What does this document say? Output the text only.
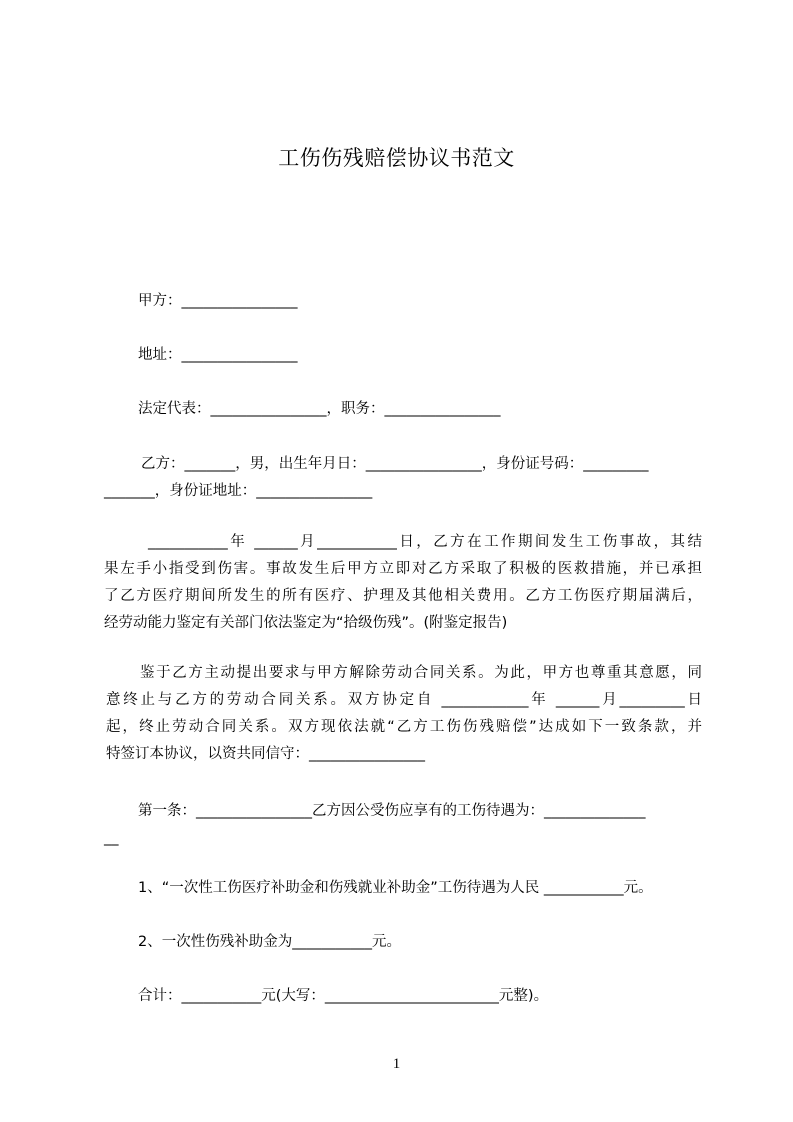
工伤伤残赔偿协议书范文
甲方：________________
地址：________________
法定代表：________________，职务：________________
乙方：_______，男，出生年月日：________________，身份证号码：_________
_______，身份证地址：________________
___________年 ______月___________日，乙方在工作期间发生工伤事故，其结
果左手小指受到伤害。事故发生后甲方立即对乙方采取了积极的医救措施，并已承担
了乙方医疗期间所发生的所有医疗、护理及其他相关费用。乙方工伤医疗期届满后，
经劳动能力鉴定有关部门依法鉴定为“拾级伤残”。(附鉴定报告)
鉴于乙方主动提出要求与甲方解除劳动合同关系。为此，甲方也尊重其意愿，同
意终止与乙方的劳动合同关系。双方协定自 ____________年 ______月_________日
起，终止劳动合同关系。双方现依法就“乙方工伤伤残赔偿”达成如下一致条款，并
特签订本协议，以资共同信守：________________
第一条：________________乙方因公受伤应享有的工伤待遇为：______________
__
1、“一次性工伤医疗补助金和伤残就业补助金”工伤待遇为人民 ___________元。
2、一次性伤残补助金为___________元。
合计：___________元(大写：________________________元整)。
1
